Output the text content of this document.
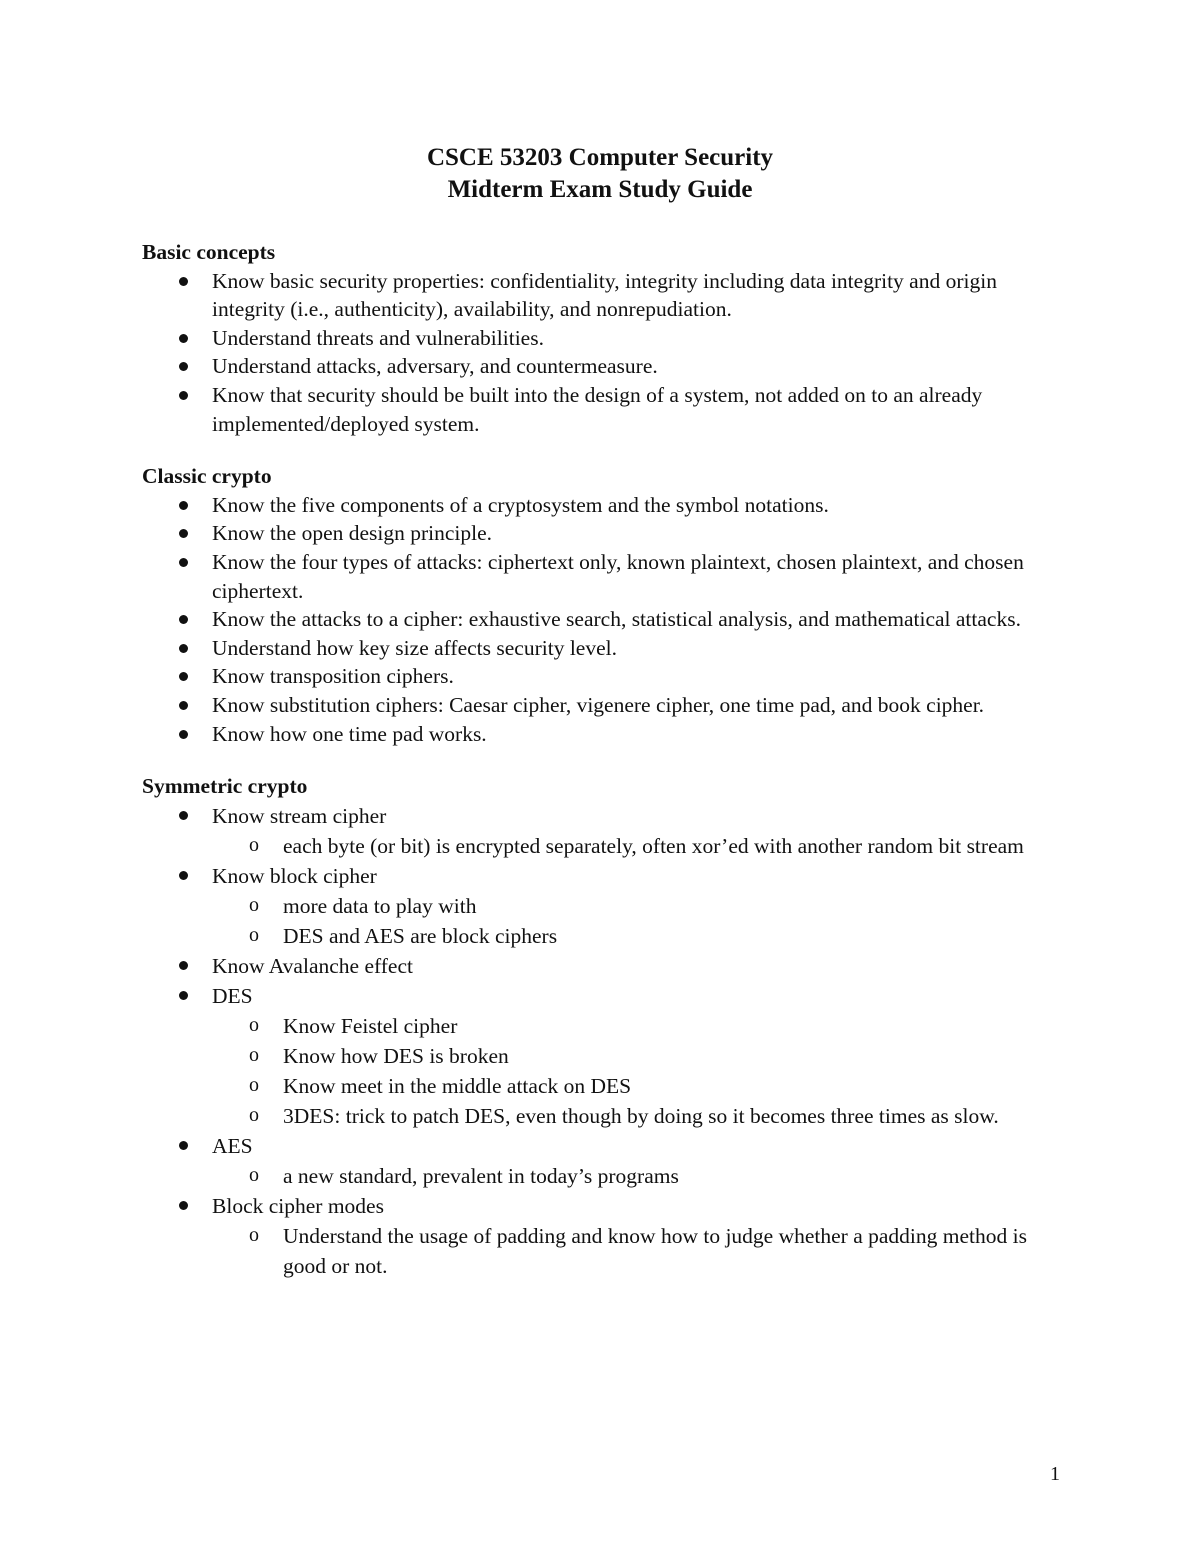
CSCE 53203 Computer Security
Midterm Exam Study Guide

Basic concepts

Know basic security properties: confidentiality, integrity including data integrity and origin integrity (i.e., authenticity), availability, and nonrepudiation.
Understand threats and vulnerabilities.
Understand attacks, adversary, and countermeasure.
Know that security should be built into the design of a system, not added on to an already implemented/deployed system.

Classic crypto

Know the five components of a cryptosystem and the symbol notations.
Know the open design principle.
Know the four types of attacks: ciphertext only, known plaintext, chosen plaintext, and chosen ciphertext.
Know the attacks to a cipher: exhaustive search, statistical analysis, and mathematical attacks.
Understand how key size affects security level.
Know transposition ciphers.
Know substitution ciphers: Caesar cipher, vigenere cipher, one time pad, and book cipher.
Know how one time pad works.

Symmetric crypto

Know stream cipher
o each byte (or bit) is encrypted separately, often xor’ed with another random bit stream
Know block cipher
o more data to play with
o DES and AES are block ciphers
Know Avalanche effect
DES
o Know Feistel cipher
o Know how DES is broken
o Know meet in the middle attack on DES
o 3DES: trick to patch DES, even though by doing so it becomes three times as slow.
AES
o a new standard, prevalent in today’s programs
Block cipher modes
o Understand the usage of padding and know how to judge whether a padding method is good or not.
1
